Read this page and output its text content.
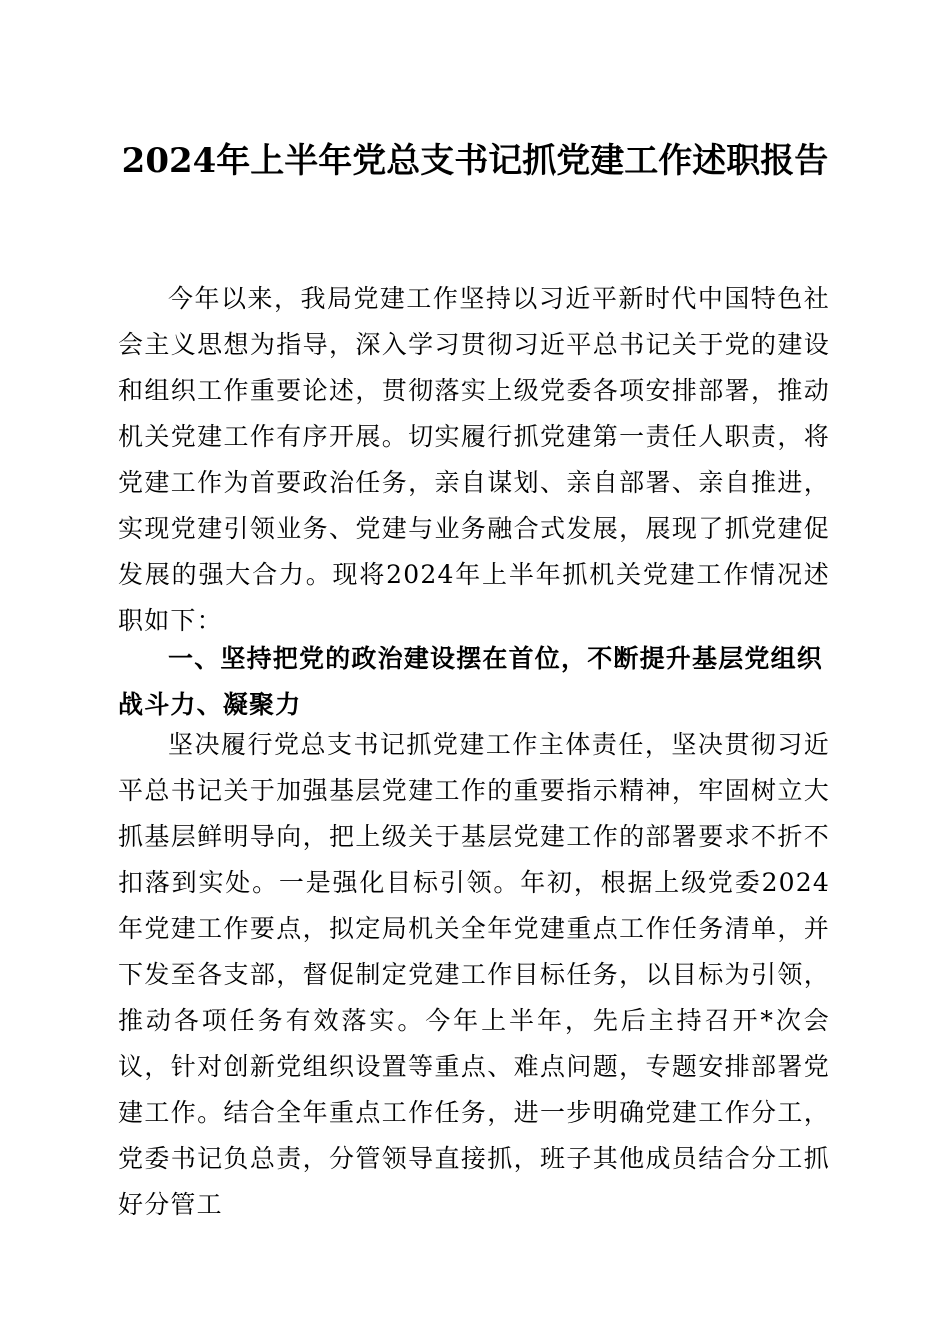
2024年上半年党总支书记抓党建工作述职报告

今年以来，我局党建工作坚持以习近平新时代中国特色社会主义思想为指导，深入学习贯彻习近平总书记关于党的建设和组织工作重要论述，贯彻落实上级党委各项安排部署，推动机关党建工作有序开展。切实履行抓党建第一责任人职责，将党建工作为首要政治任务，亲自谋划、亲自部署、亲自推进，实现党建引领业务、党建与业务融合式发展，展现了抓党建促发展的强大合力。现将2024年上半年抓机关党建工作情况述职如下：

一、坚持把党的政治建设摆在首位，不断提升基层党组织战斗力、凝聚力

坚决履行党总支书记抓党建工作主体责任，坚决贯彻习近平总书记关于加强基层党建工作的重要指示精神，牢固树立大抓基层鲜明导向，把上级关于基层党建工作的部署要求不折不扣落到实处。一是强化目标引领。年初，根据上级党委2024年党建工作要点，拟定局机关全年党建重点工作任务清单，并下发至各支部，督促制定党建工作目标任务，以目标为引领，推动各项任务有效落实。今年上半年，先后主持召开*次会议，针对创新党组织设置等重点、难点问题，专题安排部署党建工作。结合全年重点工作任务，进一步明确党建工作分工，党委书记负总责，分管领导直接抓，班子其他成员结合分工抓好分管工
